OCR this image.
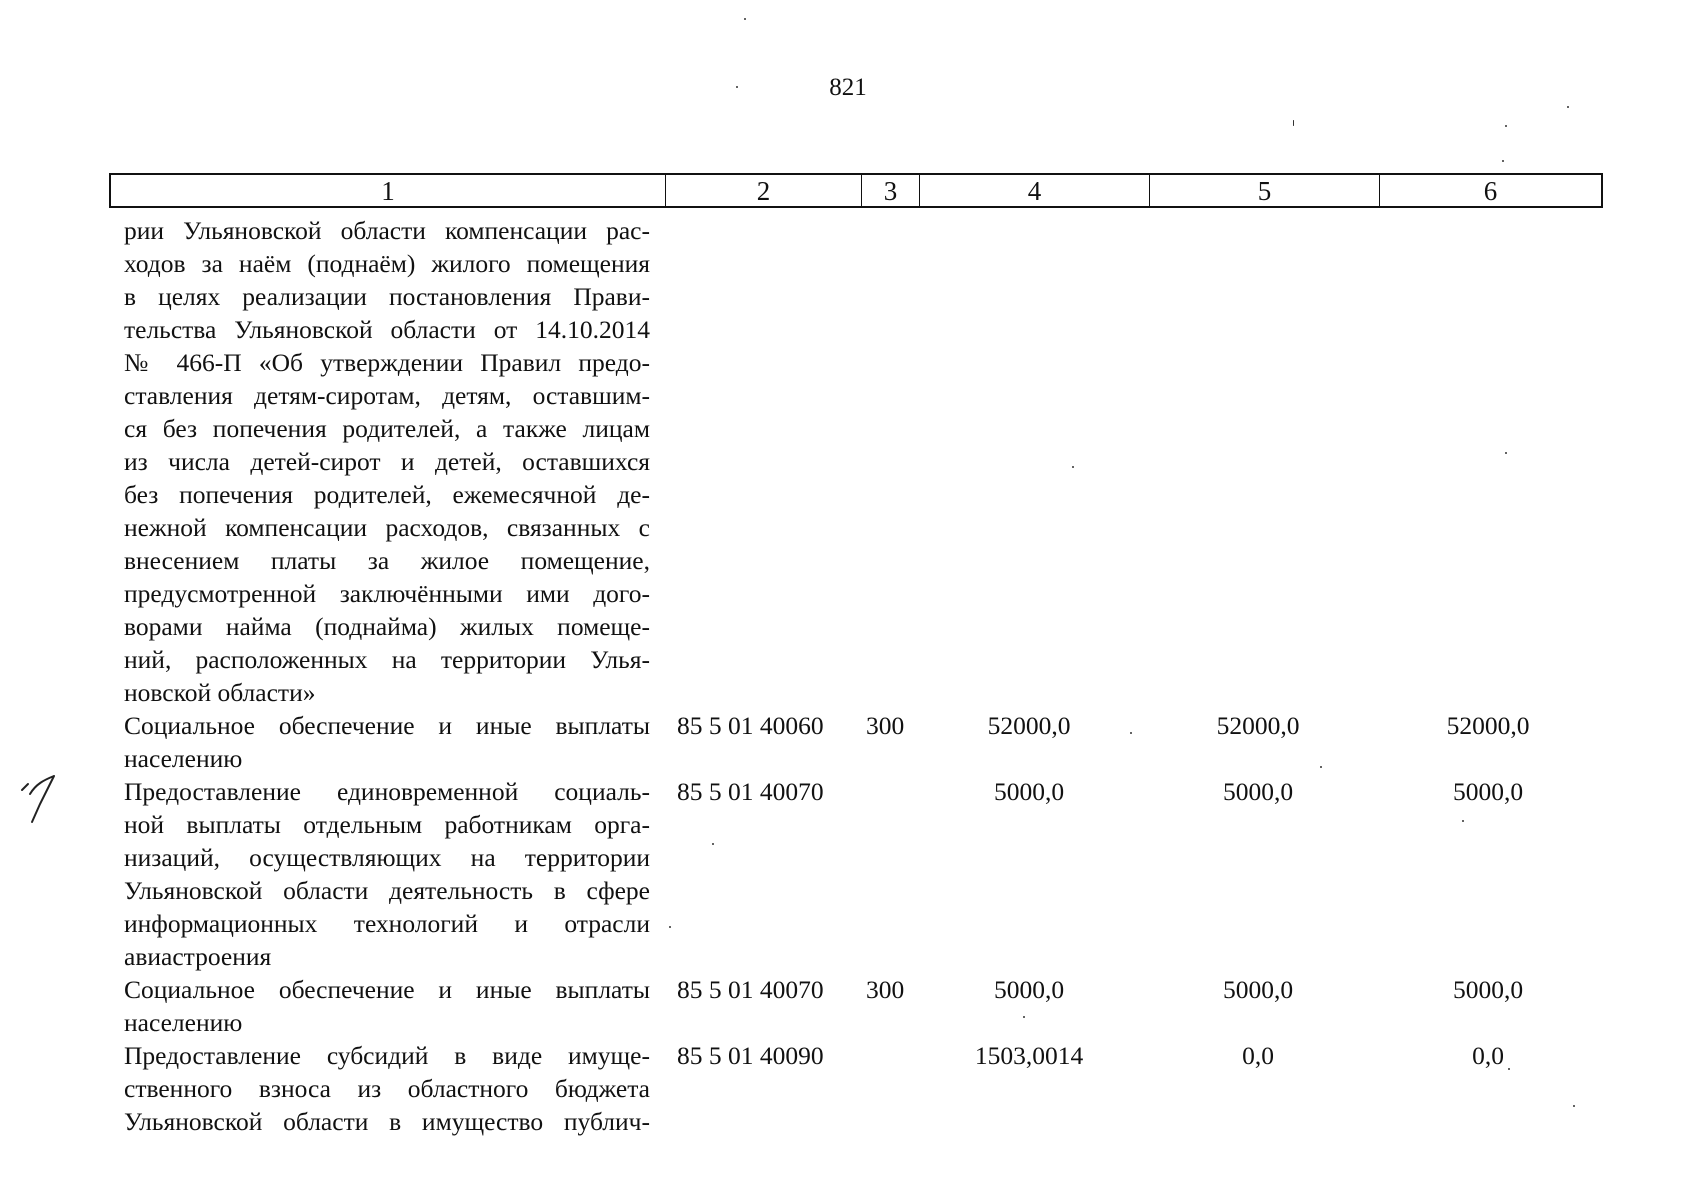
821
1	2	3	4	5	6
рии Ульяновской области компенсации рас-
ходов за наём (поднаём) жилого помещения
в целях реализации постановления Прави-
тельства Ульяновской области от 14.10.2014
№ 466-П «Об утверждении Правил предо-
ставления детям-сиротам, детям, оставшим-
ся без попечения родителей, а также лицам
из числа детей-сирот и детей, оставшихся
без попечения родителей, ежемесячной де-
нежной компенсации расходов, связанных с
внесением платы за жилое помещение,
предусмотренной заключёнными ими дого-
ворами найма (поднайма) жилых помеще-
ний, расположенных на территории Улья-
новской области»
Социальное обеспечение и иные выплаты
населению
85 5 01 40060 300	52000,0	52000,0	52000,0
Предоставление единовременной социаль-
ной выплаты отдельным работникам орга-
низаций, осуществляющих на территории
Ульяновской области деятельность в сфере
информационных технологий и отрасли
авиастроения
85 5 01 40070	5000,0	5000,0	5000,0
Социальное обеспечение и иные выплаты
населению
85 5 01 40070 300	5000,0	5000,0	5000,0
Предоставление субсидий в виде имуще-
ственного взноса из областного бюджета
Ульяновской области в имущество публич-
85 5 01 40090	1503,0014	0,0	0,0
